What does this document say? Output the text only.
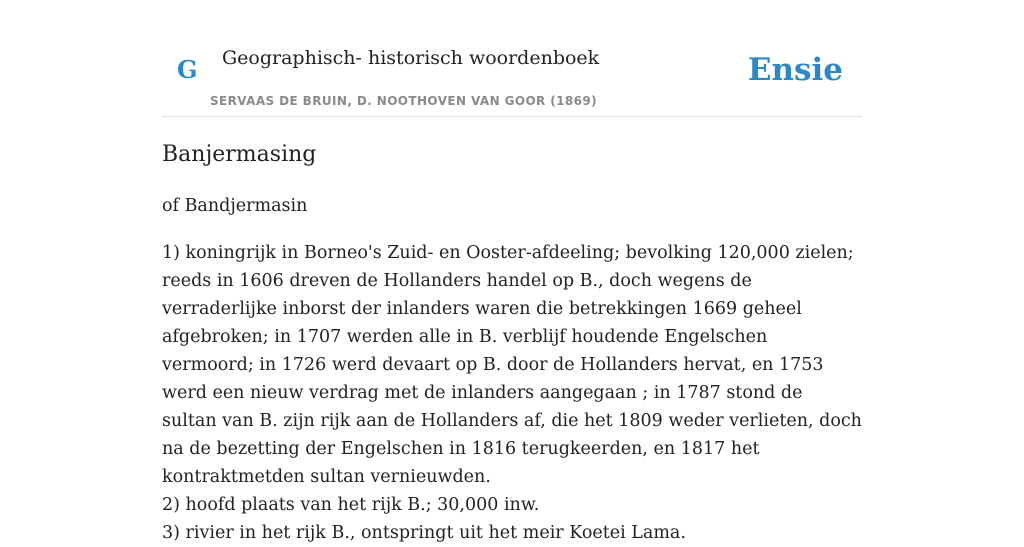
G Geographisch- historisch woordenboek
SERVAAS DE BRUIN, D. NOOTHOVEN VAN GOOR (1869)
Ensie
Banjermasing
of Bandjermasin

1) koningrijk in Borneo's Zuid- en Ooster-afdeeling; bevolking 120,000 zielen; reeds in 1606 dreven de Hollanders handel op B., doch wegens de verraderlijke inborst der inlanders waren die betrekkingen 1669 geheel afgebroken; in 1707 werden alle in B. verblijf houdende Engelschen vermoord; in 1726 werd devaart op B. door de Hollanders hervat, en 1753 werd een nieuw verdrag met de inlanders aangegaan ; in 1787 stond de sultan van B. zijn rijk aan de Hollanders af, die het 1809 weder verlieten, doch na de bezetting der Engelschen in 1816 terugkeerden, en 1817 het kontraktmetden sultan vernieuwden.

2) hoofd plaats van het rijk B.; 30,000 inw.

3) rivier in het rijk B., ontspringt uit het meir Koetei Lama.
